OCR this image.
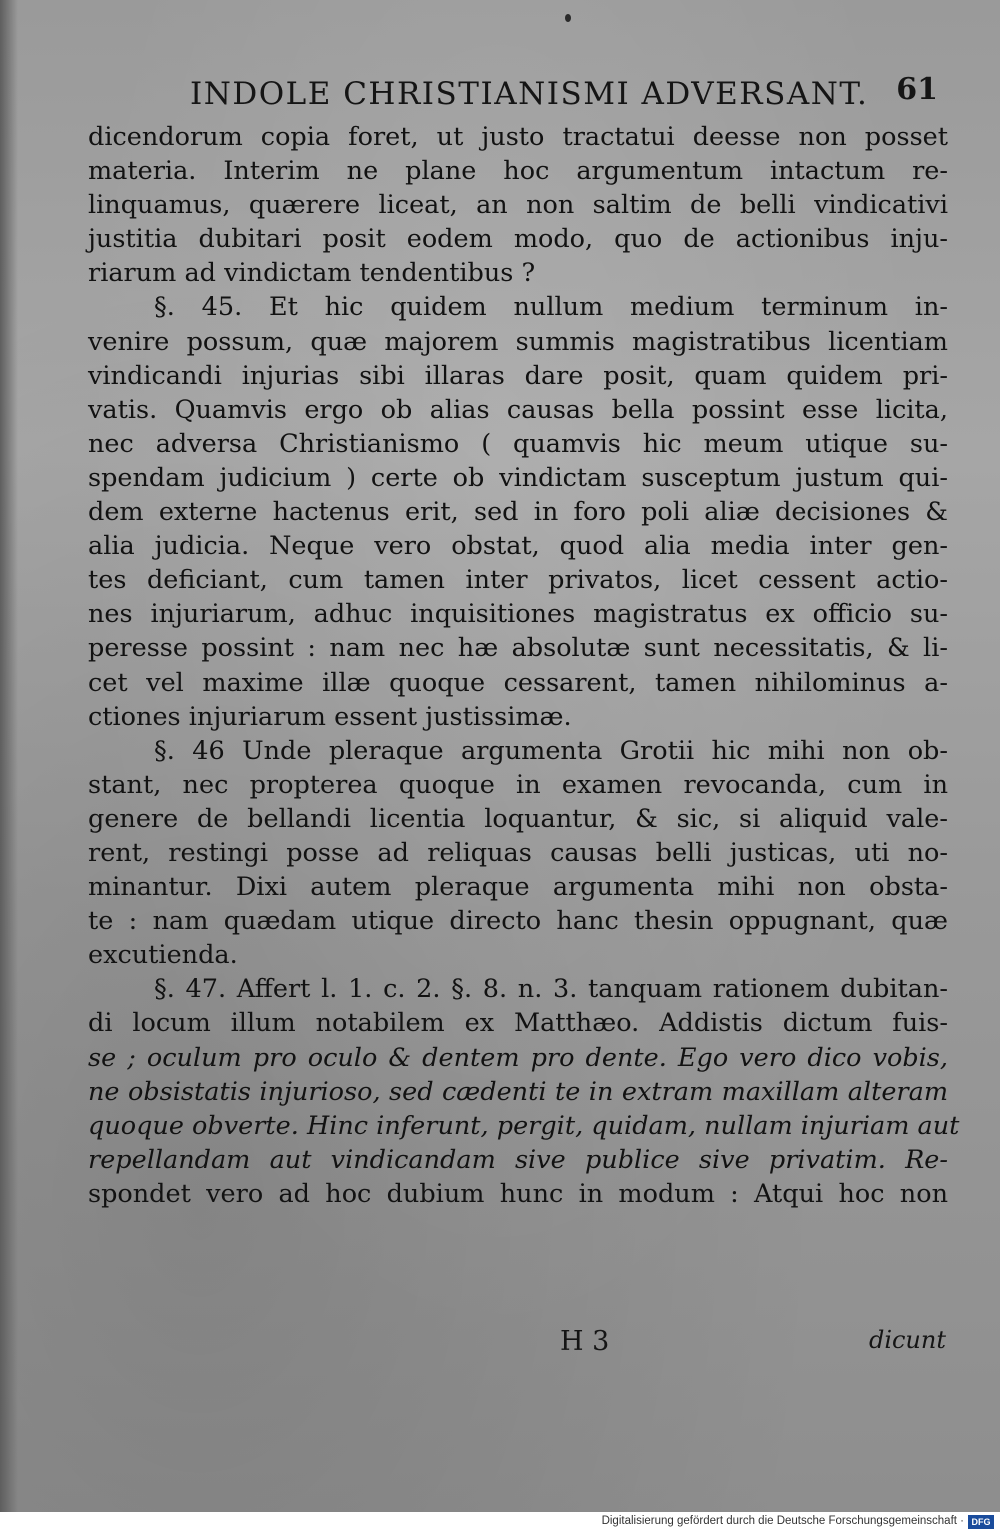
INDOLE CHRISTIANISMI ADVERSANT. 61
dicendorum copia foret, ut justo tractatui deesse non posset
materia. Interim ne plane hoc argumentum intactum re-
linquamus, quærere liceat, an non saltim de belli vindicativi
justitia dubitari posit eodem modo, quo de actionibus inju-
riarum ad vindictam tendentibus ?
§. 45. Et hic quidem nullum medium terminum in-
venire possum, quæ majorem summis magistratibus licentiam
vindicandi injurias sibi illaras dare posit, quam quidem pri-
vatis. Quamvis ergo ob alias causas bella possint esse licita,
nec adversa Christianismo ( quamvis hic meum utique su-
spendam judicium ) certe ob vindictam susceptum justum qui-
dem externe hactenus erit, sed in foro poli aliæ decisiones &
alia judicia. Neque vero obstat, quod alia media inter gen-
tes deficiant, cum tamen inter privatos, licet cessent actio-
nes injuriarum, adhuc inquisitiones magistratus ex officio su-
peresse possint : nam nec hæ absolutæ sunt necessitatis, & li-
cet vel maxime illæ quoque cessarent, tamen nihilominus a-
ctiones injuriarum essent justissimæ.
§. 46 Unde pleraque argumenta Grotii hic mihi non ob-
stant, nec propterea quoque in examen revocanda, cum in
genere de bellandi licentia loquantur, & sic, si aliquid vale-
rent, restingi posse ad reliquas causas belli justicas, uti no-
minantur. Dixi autem pleraque argumenta mihi non obsta-
te : nam quædam utique directo hanc thesin oppugnant, quæ
excutienda.
§. 47. Affert l. 1. c. 2. §. 8. n. 3. tanquam rationem dubitan-
di locum illum notabilem ex Matthæo. Addistis dictum fuis-
se ; oculum pro oculo & dentem pro dente. Ego vero dico vobis,
ne obsistatis injurioso, sed cædenti te in extram maxillam alteram
quoque obverte. Hinc inferunt, pergit, quidam, nullam injuriam aut
repellandam aut vindicandam sive publice sive privatim. Re-
spondet vero ad hoc dubium hunc in modum : Atqui hoc non
H 3	dicunt
Digitalisierung gefördert durch die Deutsche Forschungsgemeinschaft · DFG
